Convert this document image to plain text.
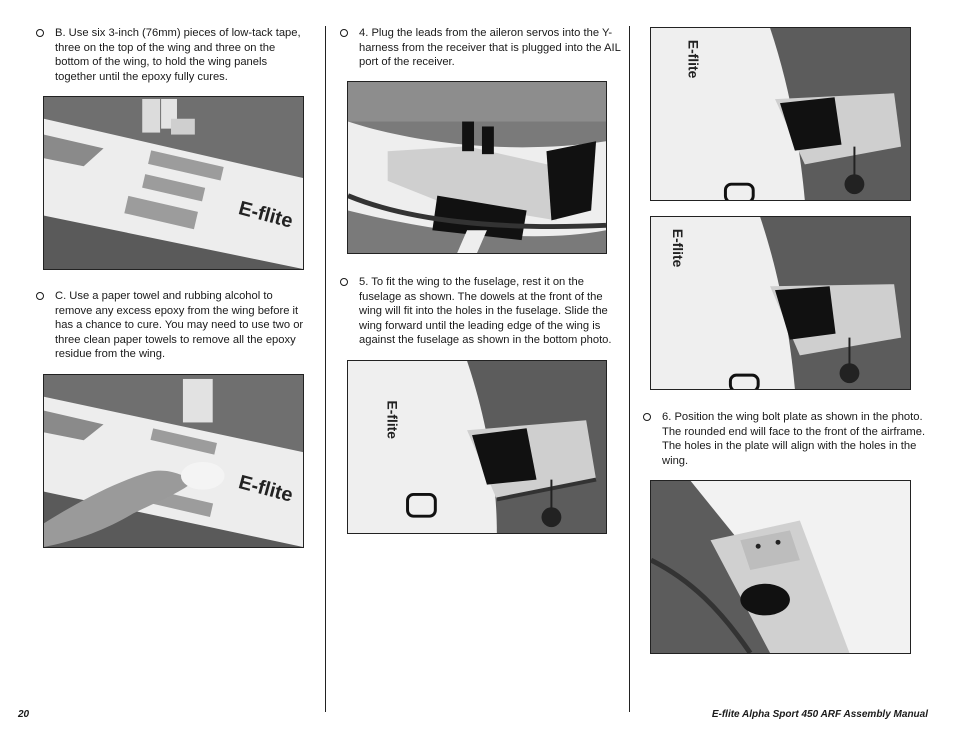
B. Use six 3-inch (76mm) pieces of low-tack tape, three on the top of the wing and three on the bottom of the wing, to hold the wing panels together until the epoxy fully cures.
E-flite
C. Use a paper towel and rubbing alcohol to remove any excess epoxy from the wing before it has a chance to cure. You may need to use two or three clean paper towels to remove all the epoxy residue from the wing.
E-flite
4. Plug the leads from the aileron servos into the Y-harness from the receiver that is plugged into the AIL port of the receiver.
5. To fit the wing to the fuselage, rest it on the fuselage as shown. The dowels at the front of the wing will fit into the holes in the fuselage. Slide the wing forward until the leading edge of the wing is against the fuselage as shown in the bottom photo.
E-flite
E-flite
E-flite
6. Position the wing bolt plate as shown in the photo. The rounded end will face to the front of the airframe. The holes in the plate will align with the holes in the wing.
20	E-flite Alpha Sport 450 ARF Assembly Manual
